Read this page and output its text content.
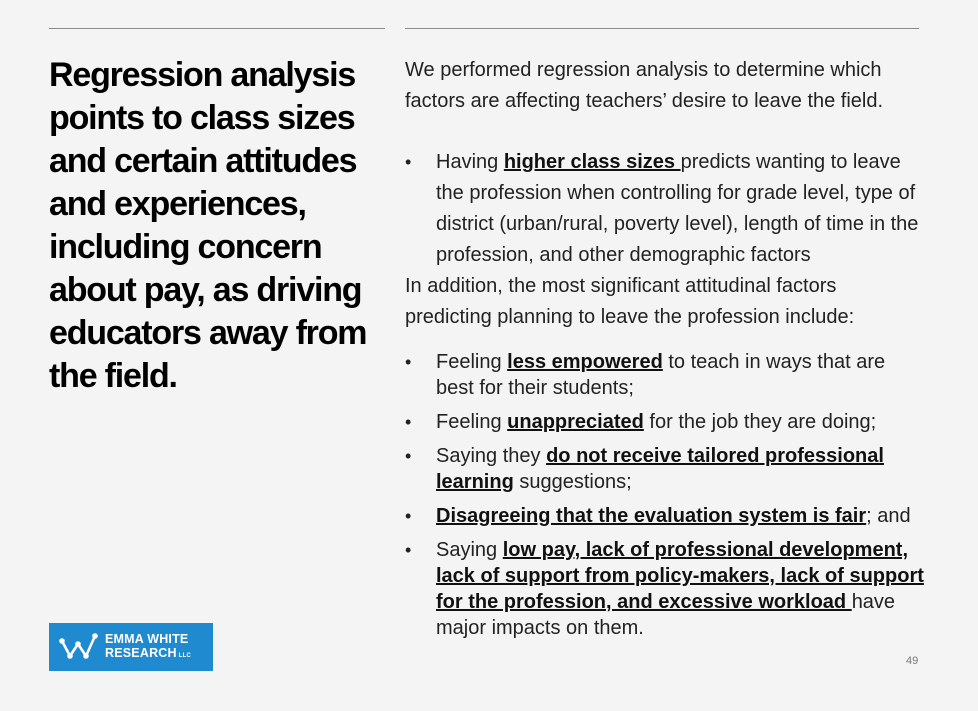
Regression analysis points to class sizes and certain attitudes and experiences, including concern about pay, as driving educators away from the field.

We performed regression analysis to determine which factors are affecting teachers’ desire to leave the field.

• Having higher class sizes predicts wanting to leave the profession when controlling for grade level, type of district (urban/rural, poverty level), length of time in the profession, and other demographic factors

In addition, the most significant attitudinal factors predicting planning to leave the profession include:

• Feeling less empowered to teach in ways that are best for their students;
• Feeling unappreciated for the job they are doing;
• Saying they do not receive tailored professional learning suggestions;
• Disagreeing that the evaluation system is fair; and
• Saying low pay, lack of professional development, lack of support from policy-makers, lack of support for the profession, and excessive workload have major impacts on them.
EMMA WHITE
RESEARCH LLC	49
